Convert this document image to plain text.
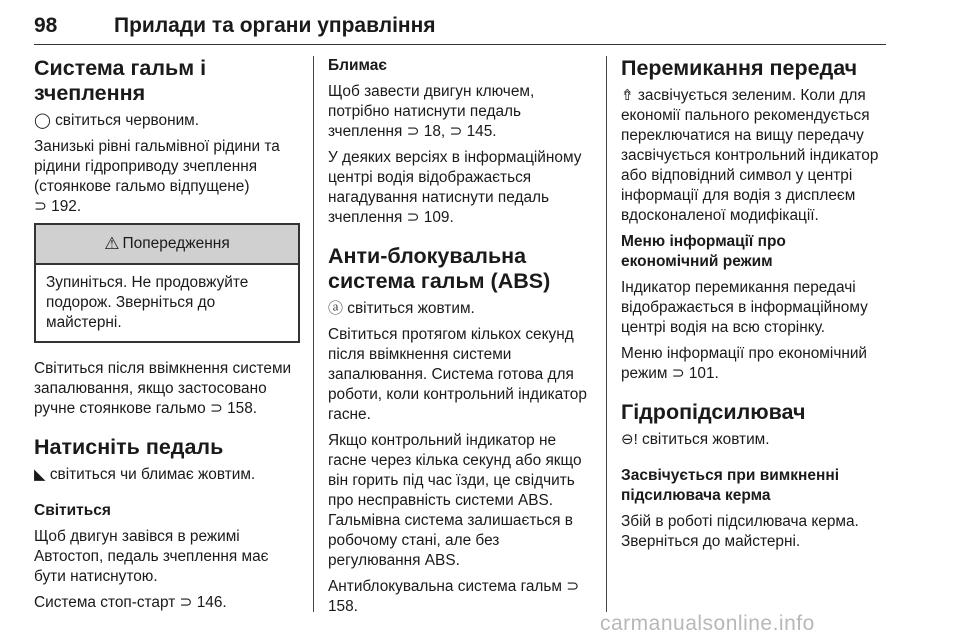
98	Прилади та органи управління
Система гальм і зчеплення

◯ світиться червоним.

Занизькі рівні гальмівної рідини та рідини гідроприводу зчеплення (стоянкове гальмо відпущене)
⊃ 192.

⚠ Попередження
Зупиніться. Не продовжуйте подорож. Зверніться до майстерні.

Світиться після ввімкнення системи запалювання, якщо застосовано ручне стоянкове гальмо ⊃ 158.

Натисніть педаль

◣ світиться чи блимає жовтим.

Світиться

Щоб двигун завівся в режимі Автостоп, педаль зчеплення має бути натиснутою.

Система стоп-старт ⊃ 146.

Блимає

Щоб завести двигун ключем, потрібно натиснути педаль зчеплення ⊃ 18, ⊃ 145.

У деяких версіях в інформаційному центрі водія відображається нагадування натиснути педаль зчеплення ⊃ 109.

Анти-блокувальна система гальм (ABS)

ⓐ світиться жовтим.

Світиться протягом кількох секунд після ввімкнення системи запалювання. Система готова для роботи, коли контрольний індикатор гасне.

Якщо контрольний індикатор не гасне через кілька секунд або якщо він горить під час їзди, це свідчить про несправність системи ABS. Гальмівна система залишається в робочому стані, але без регулювання ABS.

Антиблокувальна система гальм ⊃ 158.

Перемикання передач

⇮ засвічується зеленим. Коли для економії пального рекомендується переключатися на вищу передачу засвічується контрольний індикатор або відповідний символ у центрі інформації для водія з дисплеєм вдосконаленої модифікації.

Меню інформації про економічний режим

Індикатор перемикання передачі відображається в інформаційному центрі водія на всю сторінку.

Меню інформації про економічний режим ⊃ 101.

Гідропідсилювач

⊖! світиться жовтим.

Засвічується при вимкненні підсилювача керма

Збій в роботі підсилювача керма. Зверніться до майстерні.

carmanualsonline.info
